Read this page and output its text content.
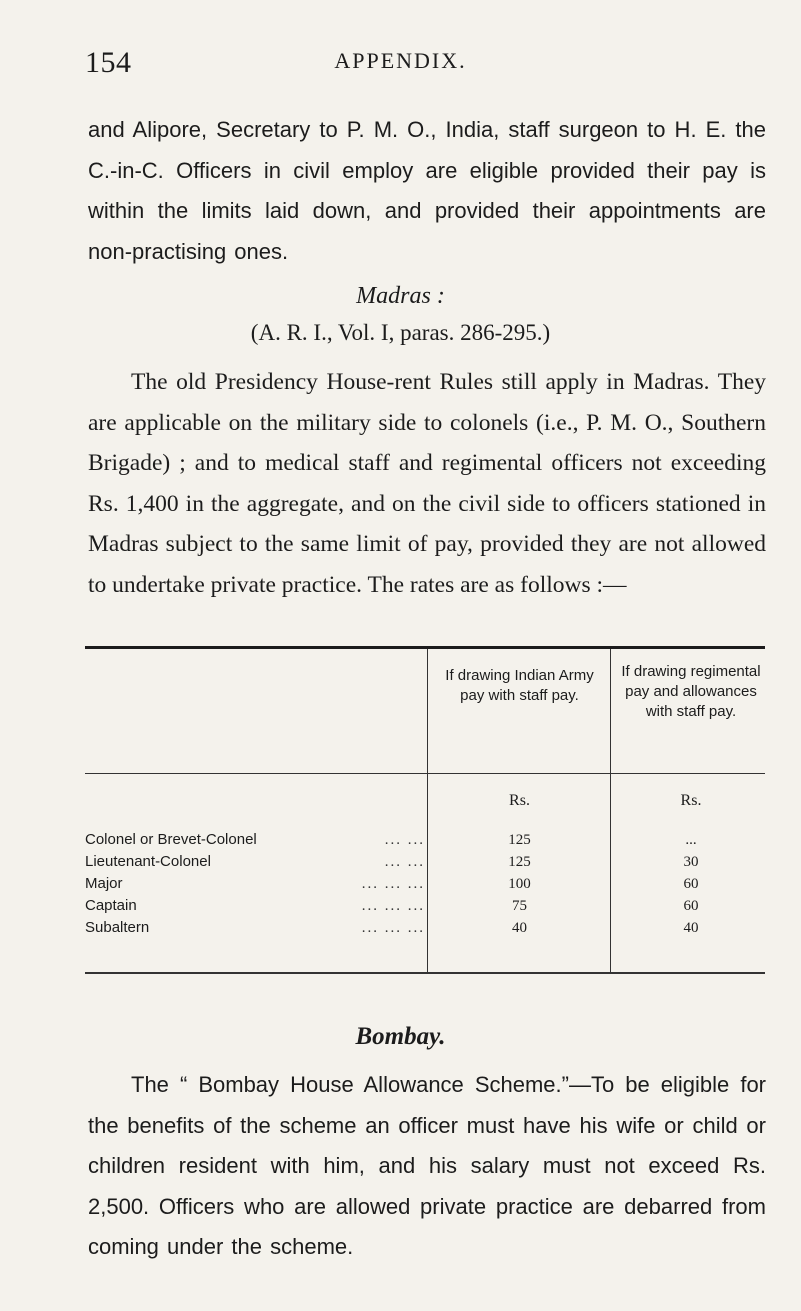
154	APPENDIX.

and Alipore, Secretary to P. M. O., India, staff surgeon to H. E. the C.-in-C. Officers in civil employ are eligible provided their pay is within the limits laid down, and provided their appointments are non-practising ones.

Madras :
(A. R. I., Vol. I, paras. 286-295.)

The old Presidency House-rent Rules still apply in Madras. They are applicable on the military side to colonels (i.e., P. M. O., Southern Brigade) ; and to medical staff and regimental officers not exceeding Rs. 1,400 in the aggregate, and on the civil side to officers stationed in Madras subject to the same limit of pay, provided they are not allowed to undertake private practice. The rates are as follows :—

If drawing Indian Army pay with staff pay.
If drawing regimental pay and allowances with staff pay.
Rs.	Rs.
Colonel or Brevet-Colonel	... ...	125	...
Lieutenant-Colonel	... ...	125	30
Major	... ... ...	100	60
Captain	... ... ...	75	60
Subaltern	... ... ...	40	40
Bombay.

The “ Bombay House Allowance Scheme.”—To be eligible for the benefits of the scheme an officer must have his wife or child or children resident with him, and his salary must not exceed Rs. 2,500. Officers who are allowed private practice are debarred from coming under the scheme.
